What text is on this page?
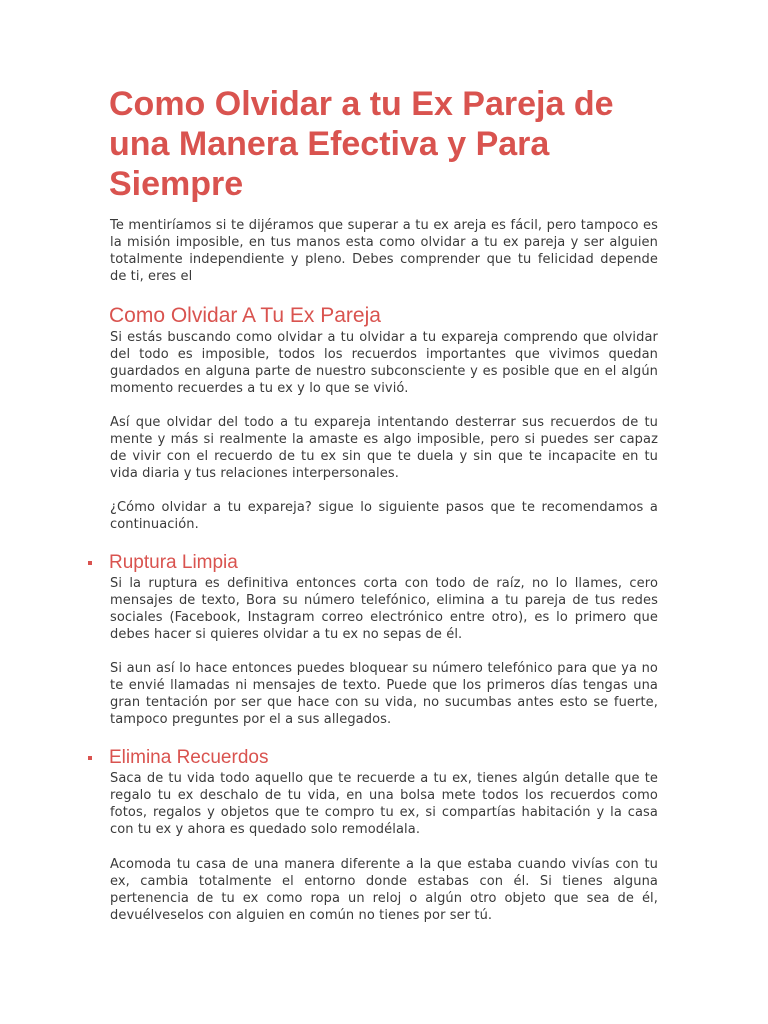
Como Olvidar a tu Ex Pareja de una Manera Efectiva y Para Siempre

Te mentiríamos si te dijéramos que superar a tu ex areja es fácil, pero tampoco es la misión imposible, en tus manos esta como olvidar a tu ex pareja y ser alguien totalmente independiente y pleno. Debes comprender que tu felicidad depende de ti, eres el

Como Olvidar A Tu Ex Pareja

Si estás buscando como olvidar a tu olvidar a tu expareja comprendo que olvidar del todo es imposible, todos los recuerdos importantes que vivimos quedan guardados en alguna parte de nuestro subconsciente y es posible que en el algún momento recuerdes a tu ex y lo que se vivió.

Así que olvidar del todo a tu expareja intentando desterrar sus recuerdos de tu mente y más si realmente la amaste es algo imposible, pero si puedes ser capaz de vivir con el recuerdo de tu ex sin que te duela y sin que te incapacite en tu vida diaria y tus relaciones interpersonales.

¿Cómo olvidar a tu expareja? sigue lo siguiente pasos que te recomendamos a continuación.

Ruptura Limpia

Si la ruptura es definitiva entonces corta con todo de raíz, no lo llames, cero mensajes de texto, Bora su número telefónico, elimina a tu pareja de tus redes sociales (Facebook, Instagram correo electrónico entre otro), es lo primero que debes hacer si quieres olvidar a tu ex no sepas de él.

Si aun así lo hace entonces puedes bloquear su número telefónico para que ya no te envié llamadas ni mensajes de texto. Puede que los primeros días tengas una gran tentación por ser que hace con su vida, no sucumbas antes esto se fuerte, tampoco preguntes por el a sus allegados.

Elimina Recuerdos

Saca de tu vida todo aquello que te recuerde a tu ex, tienes algún detalle que te regalo tu ex deschalo de tu vida, en una bolsa mete todos los recuerdos como fotos, regalos y objetos que te compro tu ex, si compartías habitación y la casa con tu ex y ahora es quedado solo remodélala.

Acomoda tu casa de una manera diferente a la que estaba cuando vivías con tu ex, cambia totalmente el entorno donde estabas con él. Si tienes alguna pertenencia de tu ex como ropa un reloj o algún otro objeto que sea de él, devuélveselos con alguien en común no tienes por ser tú.
